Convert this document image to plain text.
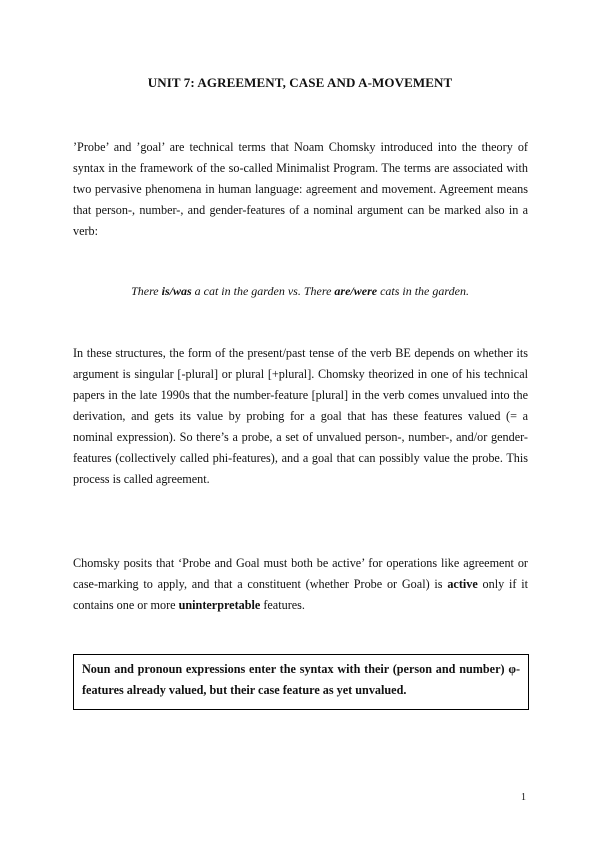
UNIT 7: AGREEMENT, CASE AND A-MOVEMENT

’Probe’ and ’goal’ are technical terms that Noam Chomsky introduced into the theory of syntax in the framework of the so-called Minimalist Program. The terms are associated with two pervasive phenomena in human language: agreement and movement. Agreement means that person-, number-, and gender-features of a nominal argument can be marked also in a verb:

There is/was a cat in the garden vs. There are/were cats in the garden.

In these structures, the form of the present/past tense of the verb BE depends on whether its argument is singular [-plural] or plural [+plural]. Chomsky theorized in one of his technical papers in the late 1990s that the number-feature [plural] in the verb comes unvalued into the derivation, and gets its value by probing for a goal that has these features valued (= a nominal expression). So there’s a probe, a set of unvalued person-, number-, and/or gender-features (collectively called phi-features), and a goal that can possibly value the probe. This process is called agreement.

Chomsky posits that ‘Probe and Goal must both be active’ for operations like agreement or case-marking to apply, and that a constituent (whether Probe or Goal) is active only if it contains one or more uninterpretable features.

Noun and pronoun expressions enter the syntax with their (person and number) φ-features already valued, but their case feature as yet unvalued.

1
